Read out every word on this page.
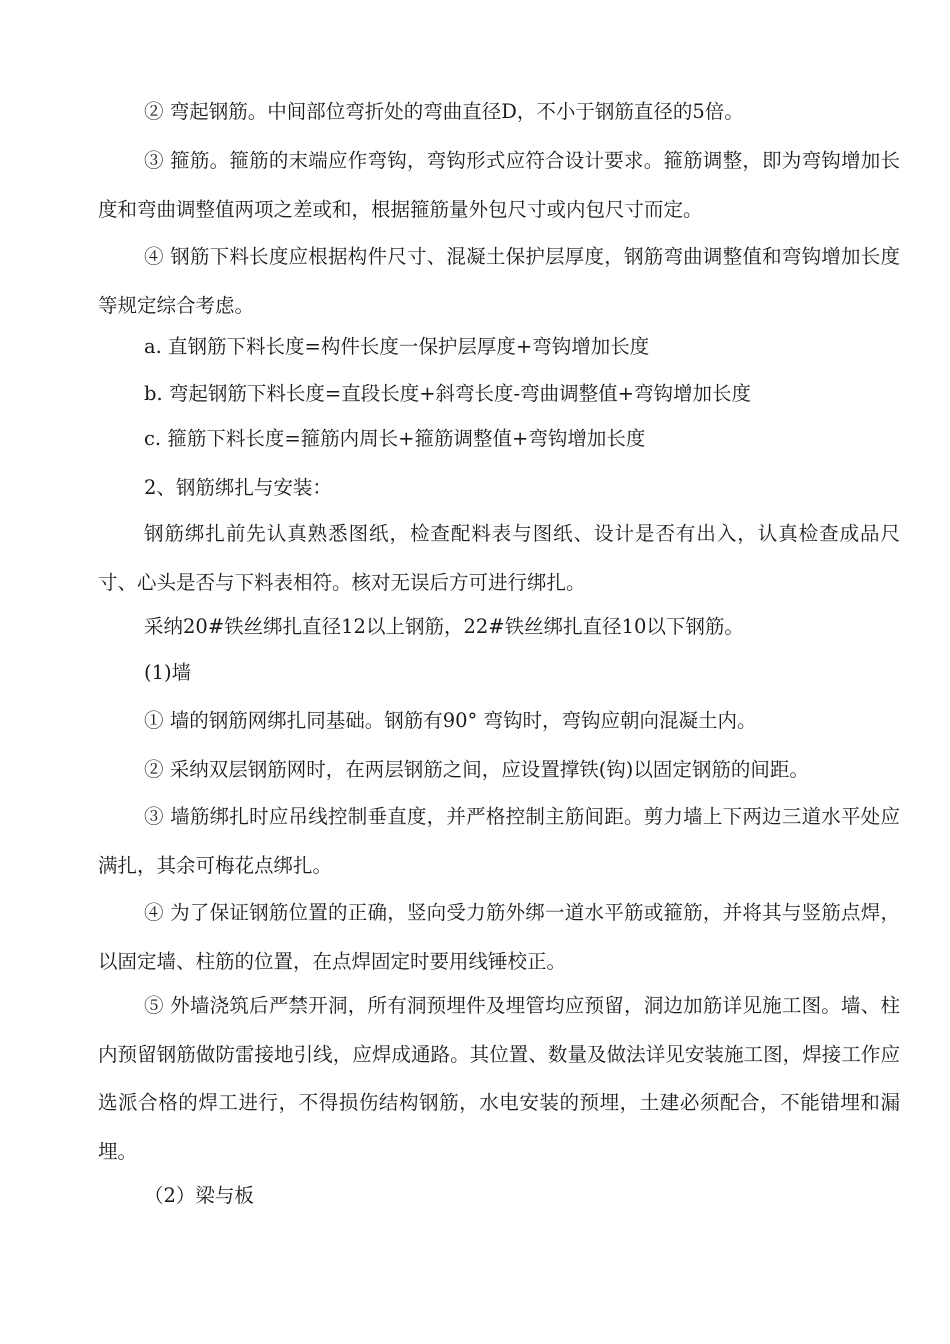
② 弯起钢筋。中间部位弯折处的弯曲直径D，不小于钢筋直径的5倍。
③ 箍筋。箍筋的末端应作弯钩，弯钩形式应符合设计要求。箍筋调整，即为弯钩增加长度和弯曲调整值两项之差或和，根据箍筋量外包尺寸或内包尺寸而定。
④ 钢筋下料长度应根据构件尺寸、混凝土保护层厚度，钢筋弯曲调整值和弯钩增加长度等规定综合考虑。
a. 直钢筋下料长度=构件长度一保护层厚度+弯钩增加长度
b. 弯起钢筋下料长度=直段长度+斜弯长度-弯曲调整值+弯钩增加长度
c. 箍筋下料长度=箍筋内周长+箍筋调整值+弯钩增加长度
2、钢筋绑扎与安装：
钢筋绑扎前先认真熟悉图纸，检查配料表与图纸、设计是否有出入，认真检查成品尺寸、心头是否与下料表相符。核对无误后方可进行绑扎。
采纳20#铁丝绑扎直径12以上钢筋，22#铁丝绑扎直径10以下钢筋。
(1)墙
① 墙的钢筋网绑扎同基础。钢筋有90° 弯钩时，弯钩应朝向混凝土内。
② 采纳双层钢筋网时，在两层钢筋之间，应设置撑铁(钩)以固定钢筋的间距。
③ 墙筋绑扎时应吊线控制垂直度，并严格控制主筋间距。剪力墙上下两边三道水平处应满扎，其余可梅花点绑扎。
④ 为了保证钢筋位置的正确，竖向受力筋外绑一道水平筋或箍筋，并将其与竖筋点焊，以固定墙、柱筋的位置，在点焊固定时要用线锤校正。
⑤ 外墙浇筑后严禁开洞，所有洞预埋件及埋管均应预留，洞边加筋详见施工图。墙、柱内预留钢筋做防雷接地引线，应焊成通路。其位置、数量及做法详见安装施工图，焊接工作应选派合格的焊工进行，不得损伤结构钢筋，水电安装的预埋，土建必须配合，不能错埋和漏埋。
（2）梁与板
